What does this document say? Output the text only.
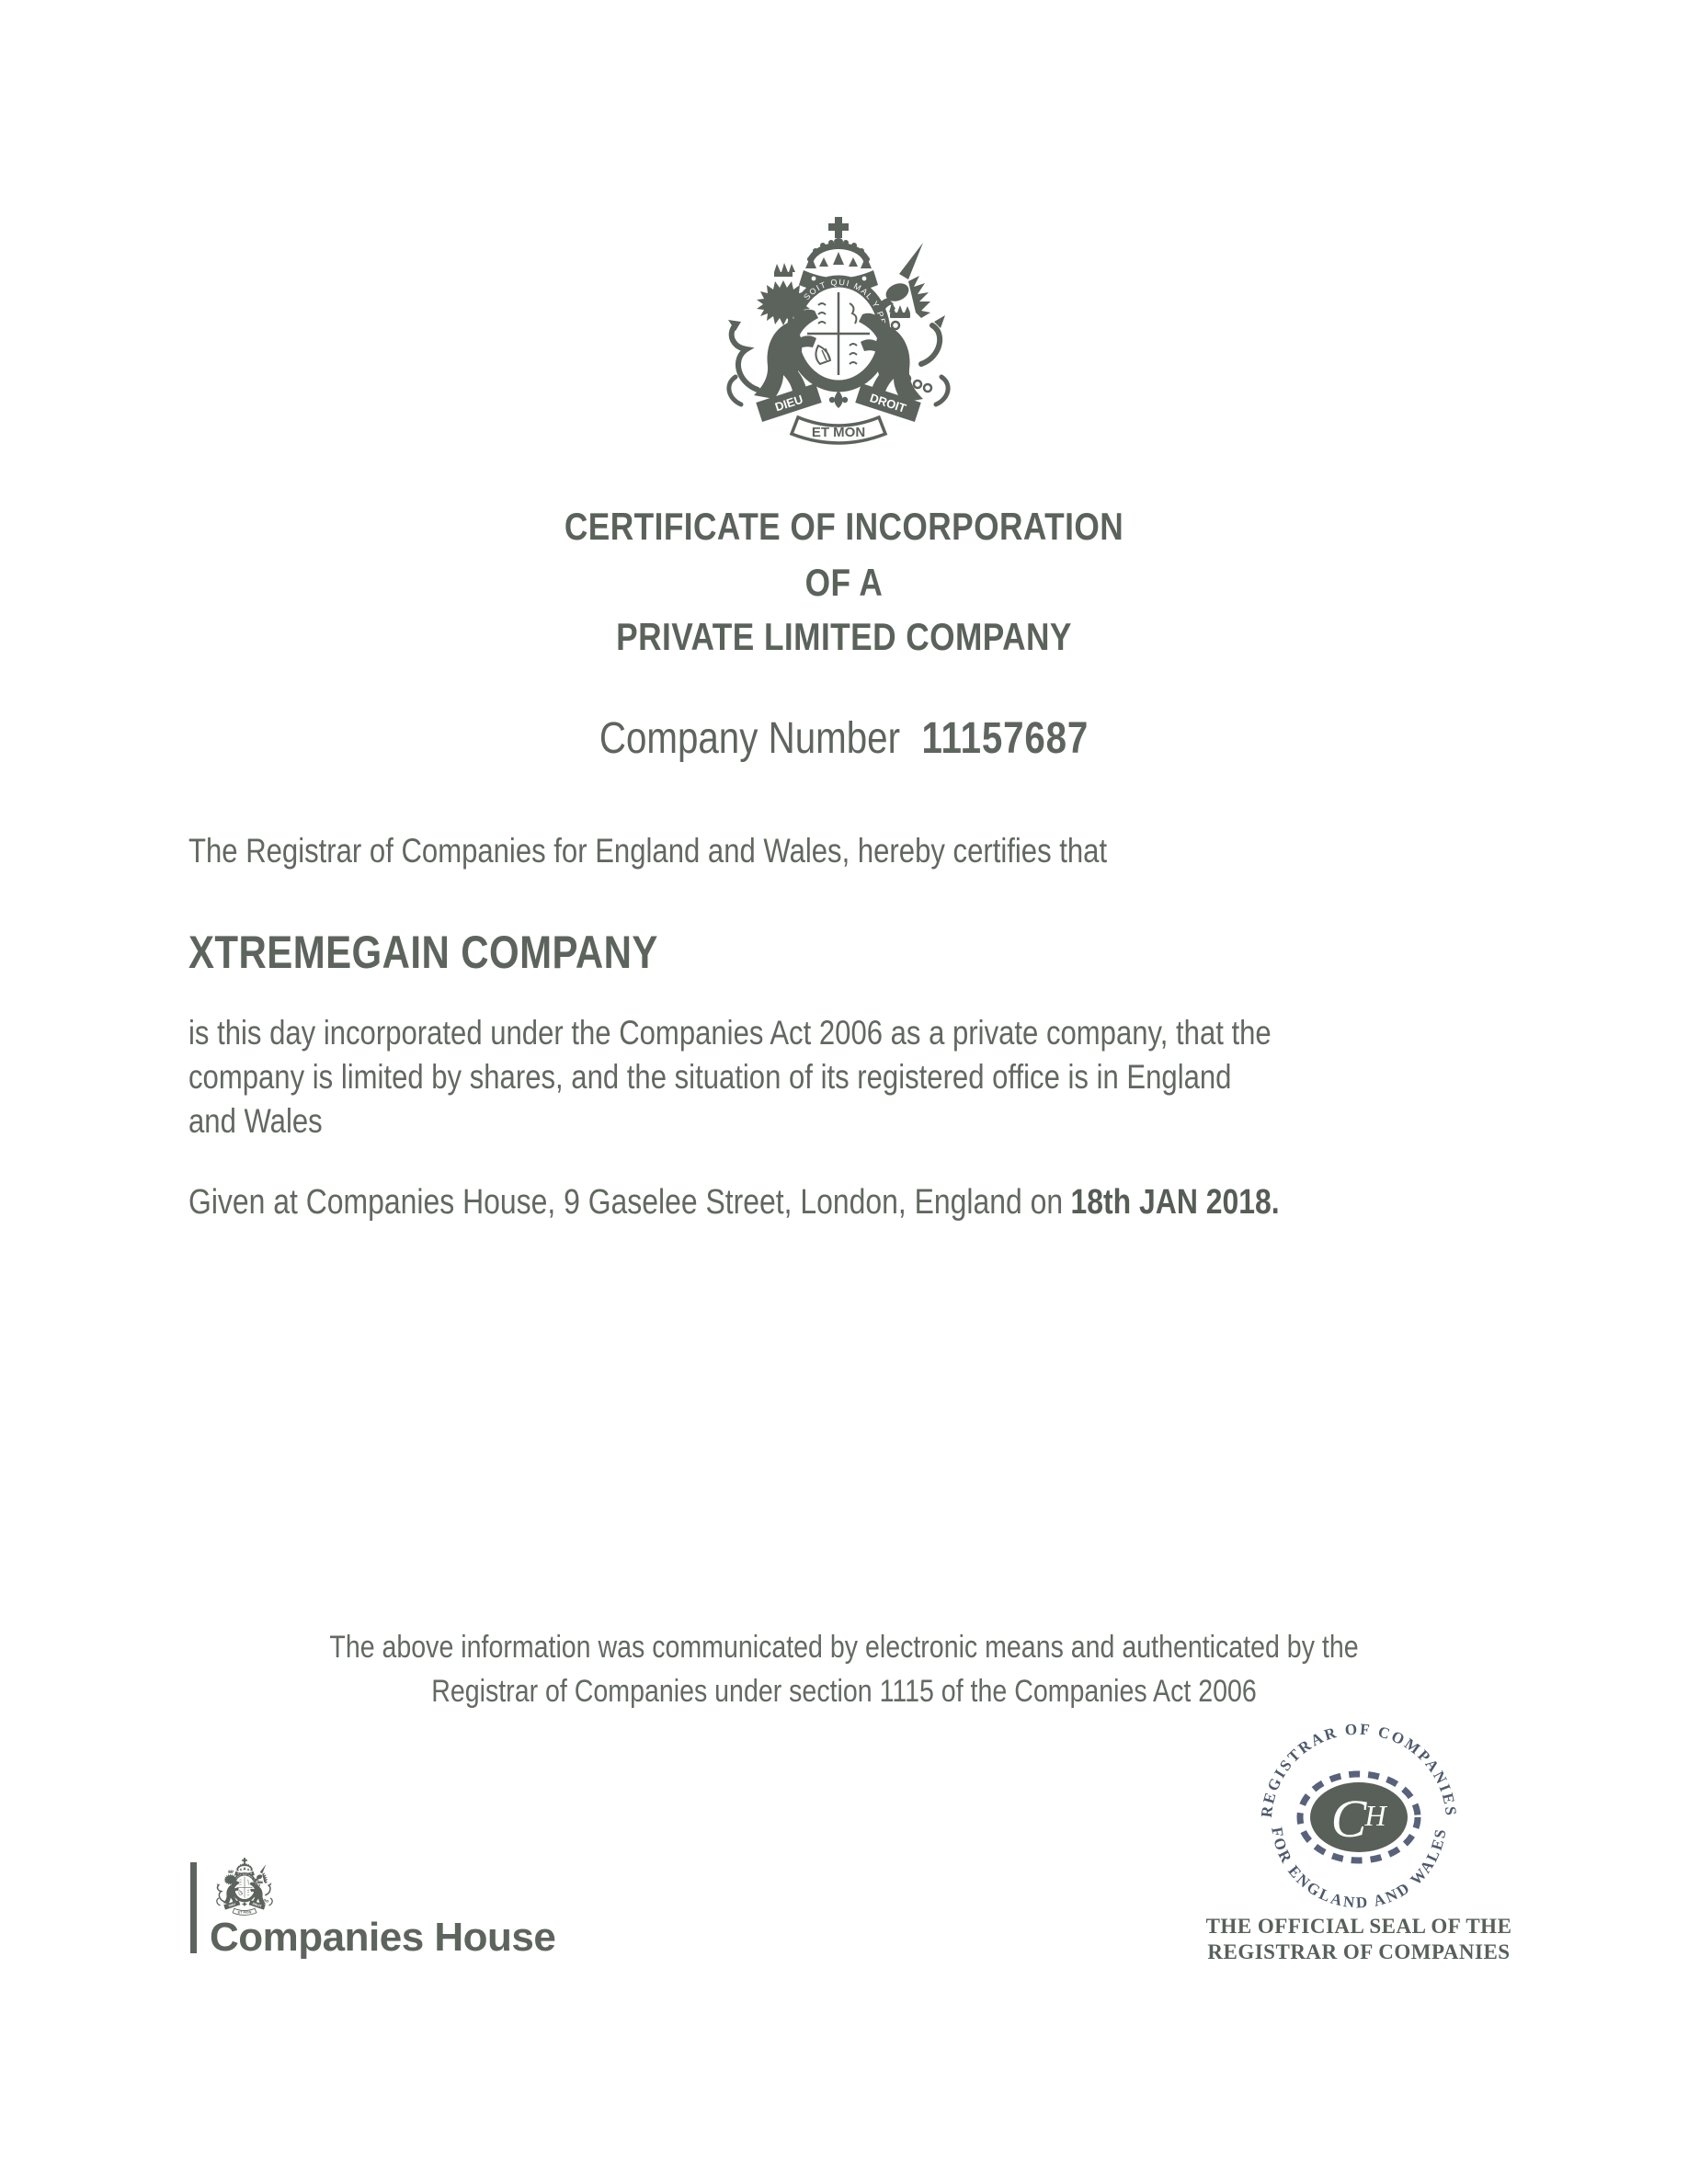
CERTIFICATE OF INCORPORATION
OF A
PRIVATE LIMITED COMPANY
Company Number 11157687
The Registrar of Companies for England and Wales, hereby certifies that
XTREMEGAIN COMPANY
is this day incorporated under the Companies Act 2006 as a private company, that the
company is limited by shares, and the situation of its registered office is in England
and Wales
Given at Companies House, 9 Gaselee Street, London, England on 18th JAN 2018.
The above information was communicated by electronic means and authenticated by the
Registrar of Companies under section 1115 of the Companies Act 2006
REGISTRAR OF COMPANIES
FOR ENGLAND AND WALES
C
H
THE OFFICIAL SEAL OF THE
REGISTRAR OF COMPANIES
Companies House
